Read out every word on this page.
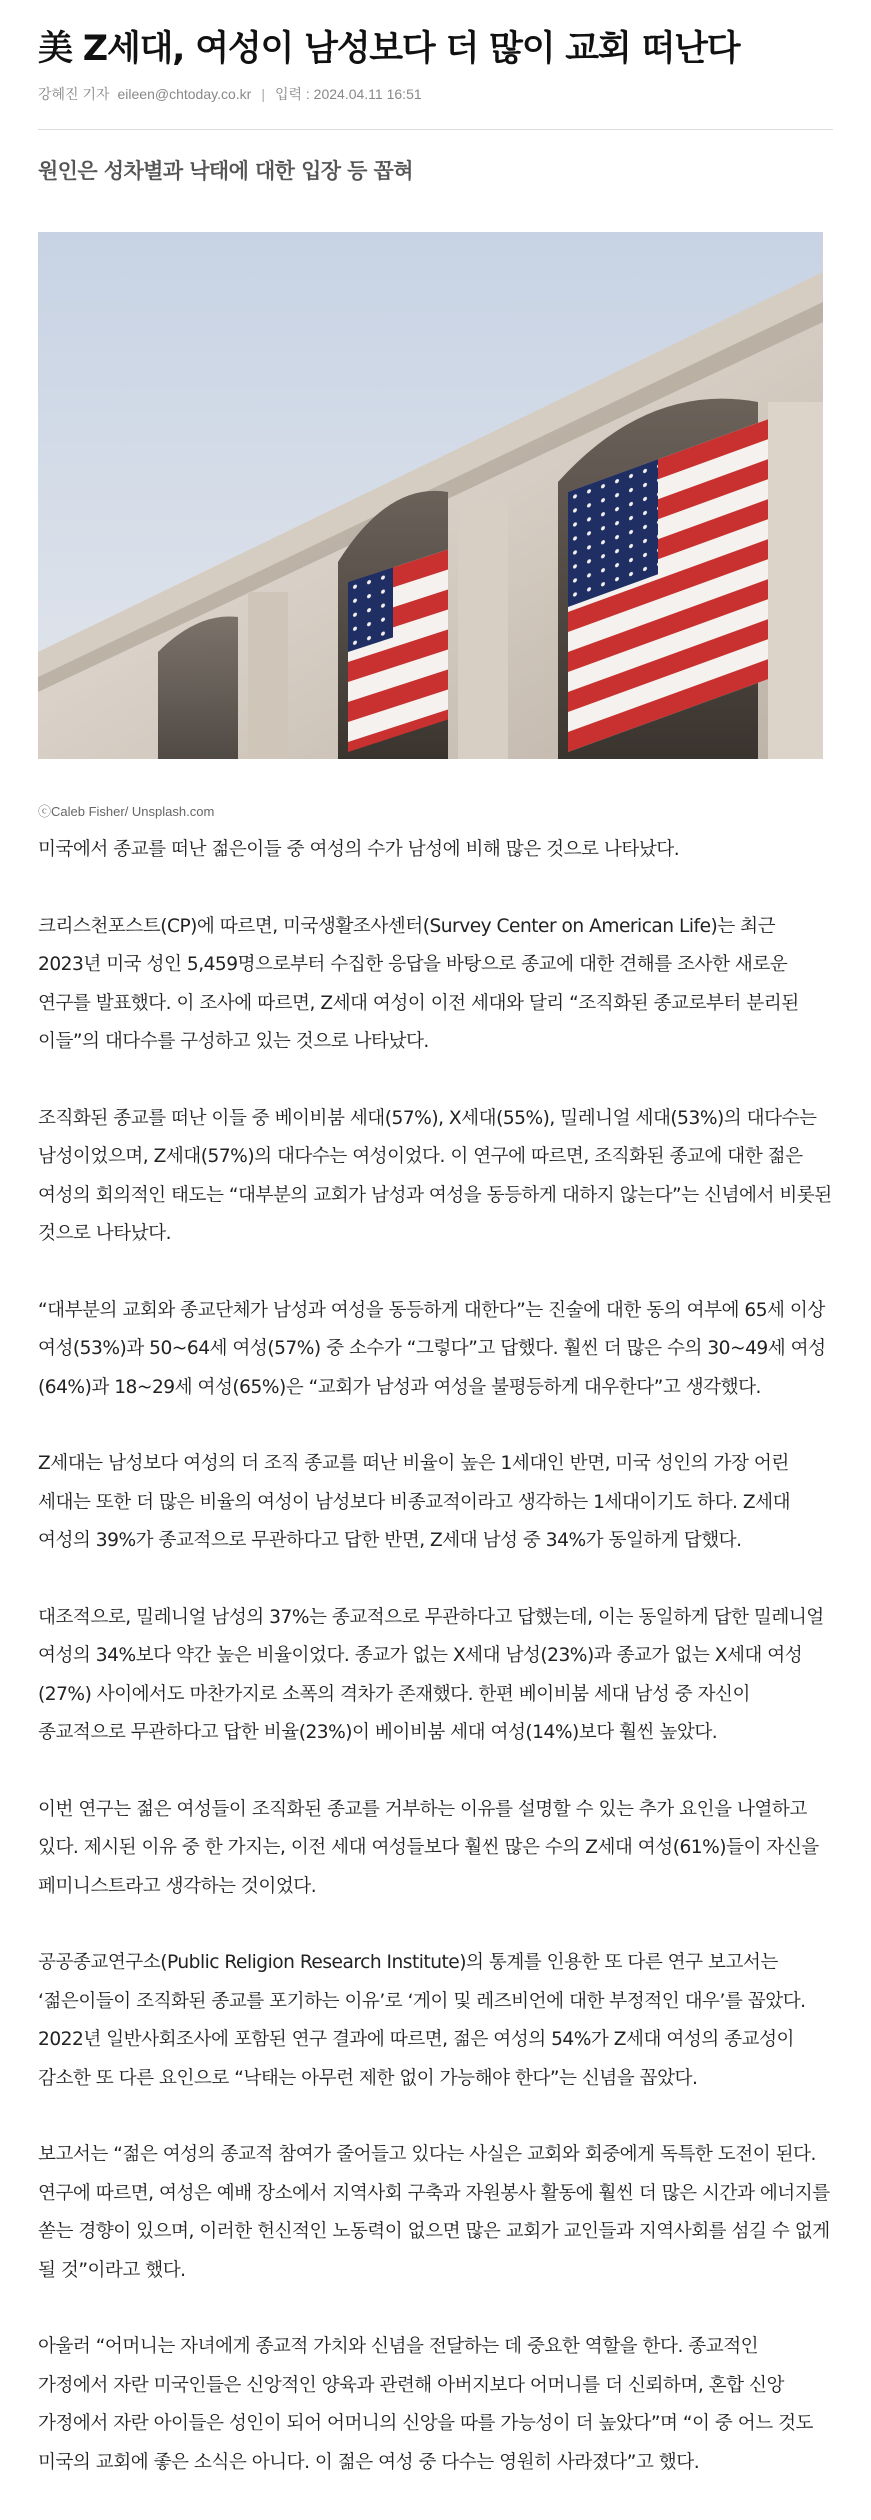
美 Z세대, 여성이 남성보다 더 많이 교회 떠난다
강혜진 기자 eileen@chtoday.co.kr | 입력 : 2024.04.11 16:51
원인은 성차별과 낙태에 대한 입장 등 꼽혀
ⓒCaleb Fisher/ Unsplash.com

미국에서 종교를 떠난 젊은이들 중 여성의 수가 남성에 비해 많은 것으로 나타났다.

크리스천포스트(CP)에 따르면, 미국생활조사센터(Survey Center on American Life)는 최근 2023년 미국 성인 5,459명으로부터 수집한 응답을 바탕으로 종교에 대한 견해를 조사한 새로운 연구를 발표했다. 이 조사에 따르면, Z세대 여성이 이전 세대와 달리 “조직화된 종교로부터 분리된 이들”의 대다수를 구성하고 있는 것으로 나타났다.

조직화된 종교를 떠난 이들 중 베이비붐 세대(57%), X세대(55%), 밀레니얼 세대(53%)의 대다수는 남성이었으며, Z세대(57%)의 대다수는 여성이었다. 이 연구에 따르면, 조직화된 종교에 대한 젊은 여성의 회의적인 태도는 “대부분의 교회가 남성과 여성을 동등하게 대하지 않는다”는 신념에서 비롯된 것으로 나타났다.

“대부분의 교회와 종교단체가 남성과 여성을 동등하게 대한다”는 진술에 대한 동의 여부에 65세 이상 여성(53%)과 50~64세 여성(57%) 중 소수가 “그렇다”고 답했다. 훨씬 더 많은 수의 30~49세 여성(64%)과 18~29세 여성(65%)은 “교회가 남성과 여성을 불평등하게 대우한다”고 생각했다.

Z세대는 남성보다 여성의 더 조직 종교를 떠난 비율이 높은 1세대인 반면, 미국 성인의 가장 어린 세대는 또한 더 많은 비율의 여성이 남성보다 비종교적이라고 생각하는 1세대이기도 하다. Z세대 여성의 39%가 종교적으로 무관하다고 답한 반면, Z세대 남성 중 34%가 동일하게 답했다.

대조적으로, 밀레니얼 남성의 37%는 종교적으로 무관하다고 답했는데, 이는 동일하게 답한 밀레니얼 여성의 34%보다 약간 높은 비율이었다. 종교가 없는 X세대 남성(23%)과 종교가 없는 X세대 여성(27%) 사이에서도 마찬가지로 소폭의 격차가 존재했다. 한편 베이비붐 세대 남성 중 자신이 종교적으로 무관하다고 답한 비율(23%)이 베이비붐 세대 여성(14%)보다 훨씬 높았다.

이번 연구는 젊은 여성들이 조직화된 종교를 거부하는 이유를 설명할 수 있는 추가 요인을 나열하고 있다. 제시된 이유 중 한 가지는, 이전 세대 여성들보다 훨씬 많은 수의 Z세대 여성(61%)들이 자신을 페미니스트라고 생각하는 것이었다.

공공종교연구소(Public Religion Research Institute)의 통계를 인용한 또 다른 연구 보고서는 ‘젊은이들이 조직화된 종교를 포기하는 이유’로 ‘게이 및 레즈비언에 대한 부정적인 대우’를 꼽았다. 2022년 일반사회조사에 포함된 연구 결과에 따르면, 젊은 여성의 54%가 Z세대 여성의 종교성이 감소한 또 다른 요인으로 “낙태는 아무런 제한 없이 가능해야 한다”는 신념을 꼽았다.

보고서는 “젊은 여성의 종교적 참여가 줄어들고 있다는 사실은 교회와 회중에게 독특한 도전이 된다. 연구에 따르면, 여성은 예배 장소에서 지역사회 구축과 자원봉사 활동에 훨씬 더 많은 시간과 에너지를 쏟는 경향이 있으며, 이러한 헌신적인 노동력이 없으면 많은 교회가 교인들과 지역사회를 섬길 수 없게 될 것”이라고 했다.

아울러 “어머니는 자녀에게 종교적 가치와 신념을 전달하는 데 중요한 역할을 한다. 종교적인 가정에서 자란 미국인들은 신앙적인 양육과 관련해 아버지보다 어머니를 더 신뢰하며, 혼합 신앙 가정에서 자란 아이들은 성인이 되어 어머니의 신앙을 따를 가능성이 더 높았다”며 “이 중 어느 것도 미국의 교회에 좋은 소식은 아니다. 이 젊은 여성 중 다수는 영원히 사라졌다”고 했다.
